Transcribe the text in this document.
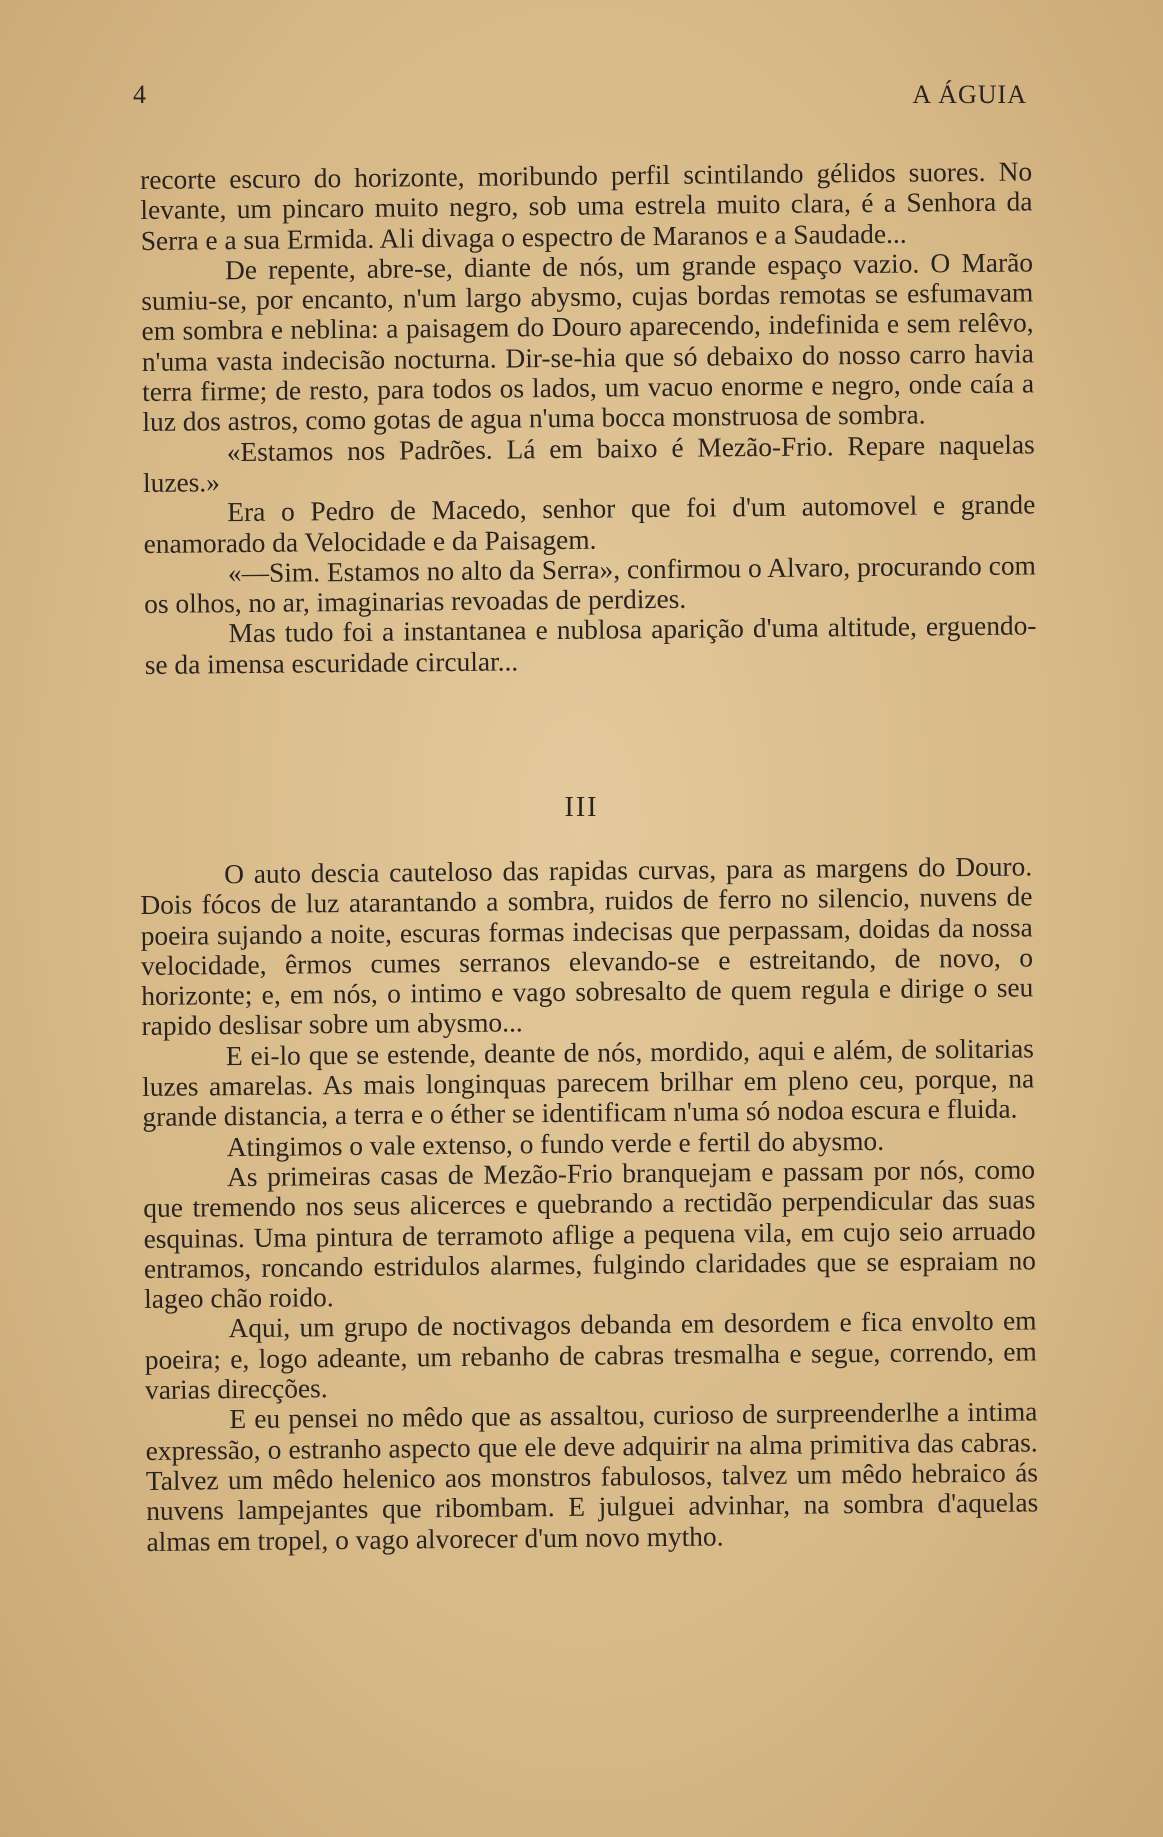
4	A ÁGUIA

recorte escuro do horizonte, moribundo perfil scintilando gélidos suores. No levante, um pincaro muito negro, sob uma estrela muito clara, é a Senhora da Serra e a sua Ermida. Ali divaga o espectro de Maranos e a Saudade...

De repente, abre-se, diante de nós, um grande espaço vazio. O Marão sumiu-se, por encanto, n'um largo abysmo, cujas bordas remotas se esfumavam em sombra e neblina: a paisagem do Douro aparecendo, indefinida e sem relêvo, n'uma vasta indecisão nocturna. Dir-se-hia que só debaixo do nosso carro havia terra firme; de resto, para todos os lados, um vacuo enorme e negro, onde caía a luz dos astros, como gotas de agua n'uma bocca monstruosa de sombra.

«Estamos nos Padrões. Lá em baixo é Mezão-Frio. Repare naquelas luzes.»

Era o Pedro de Macedo, senhor que foi d'um automovel e grande enamorado da Velocidade e da Paisagem.

«—Sim. Estamos no alto da Serra», confirmou o Alvaro, procurando com os olhos, no ar, imaginarias revoadas de perdizes.

Mas tudo foi a instantanea e nublosa aparição d'uma altitude, erguendo-se da imensa escuridade circular...

III

O auto descia cauteloso das rapidas curvas, para as margens do Douro. Dois fócos de luz atarantando a sombra, ruidos de ferro no silencio, nuvens de poeira sujando a noite, escuras formas indecisas que perpassam, doidas da nossa velocidade, êrmos cumes serranos elevando-se e estreitando, de novo, o horizonte; e, em nós, o intimo e vago sobresalto de quem regula e dirige o seu rapido deslisar sobre um abysmo...

E ei-lo que se estende, deante de nós, mordido, aqui e além, de solitarias luzes amarelas. As mais longinquas parecem brilhar em pleno ceu, porque, na grande distancia, a terra e o éther se identificam n'uma só nodoa escura e fluida.

Atingimos o vale extenso, o fundo verde e fertil do abysmo.

As primeiras casas de Mezão-Frio branquejam e passam por nós, como que tremendo nos seus alicerces e quebrando a rectidão perpendicular das suas esquinas. Uma pintura de terramoto aflige a pequena vila, em cujo seio arruado entramos, roncando estridulos alarmes, fulgindo claridades que se espraiam no lageo chão roido.

Aqui, um grupo de noctivagos debanda em desordem e fica envolto em poeira; e, logo adeante, um rebanho de cabras tresmalha e segue, correndo, em varias direcções.

E eu pensei no mêdo que as assaltou, curioso de surpreenderlhe a intima expressão, o estranho aspecto que ele deve adquirir na alma primitiva das cabras. Talvez um mêdo helenico aos monstros fabulosos, talvez um mêdo hebraico ás nuvens lampejantes que ribombam. E julguei advinhar, na sombra d'aquelas almas em tropel, o vago alvorecer d'um novo mytho.
